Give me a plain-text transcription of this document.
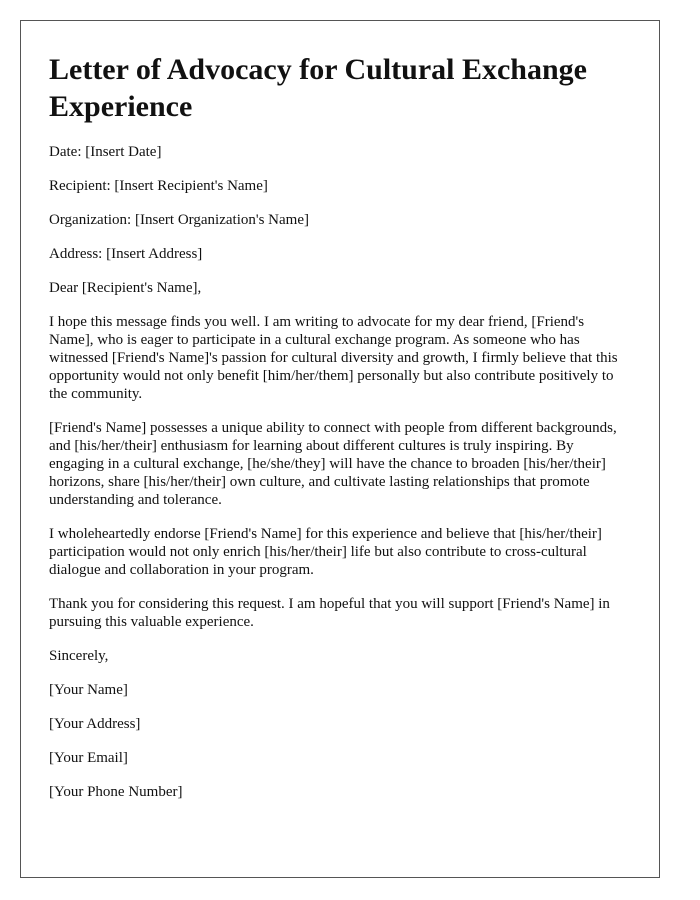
Letter of Advocacy for Cultural Exchange Experience

Date: [Insert Date]

Recipient: [Insert Recipient's Name]

Organization: [Insert Organization's Name]

Address: [Insert Address]

Dear [Recipient's Name],

I hope this message finds you well. I am writing to advocate for my dear friend, [Friend's Name], who is eager to participate in a cultural exchange program. As someone who has witnessed [Friend's Name]'s passion for cultural diversity and growth, I firmly believe that this opportunity would not only benefit [him/her/them] personally but also contribute positively to the community.

[Friend's Name] possesses a unique ability to connect with people from different backgrounds, and [his/her/their] enthusiasm for learning about different cultures is truly inspiring. By engaging in a cultural exchange, [he/she/they] will have the chance to broaden [his/her/their] horizons, share [his/her/their] own culture, and cultivate lasting relationships that promote understanding and tolerance.

I wholeheartedly endorse [Friend's Name] for this experience and believe that [his/her/their] participation would not only enrich [his/her/their] life but also contribute to cross-cultural dialogue and collaboration in your program.

Thank you for considering this request. I am hopeful that you will support [Friend's Name] in pursuing this valuable experience.

Sincerely,

[Your Name]

[Your Address]

[Your Email]

[Your Phone Number]
